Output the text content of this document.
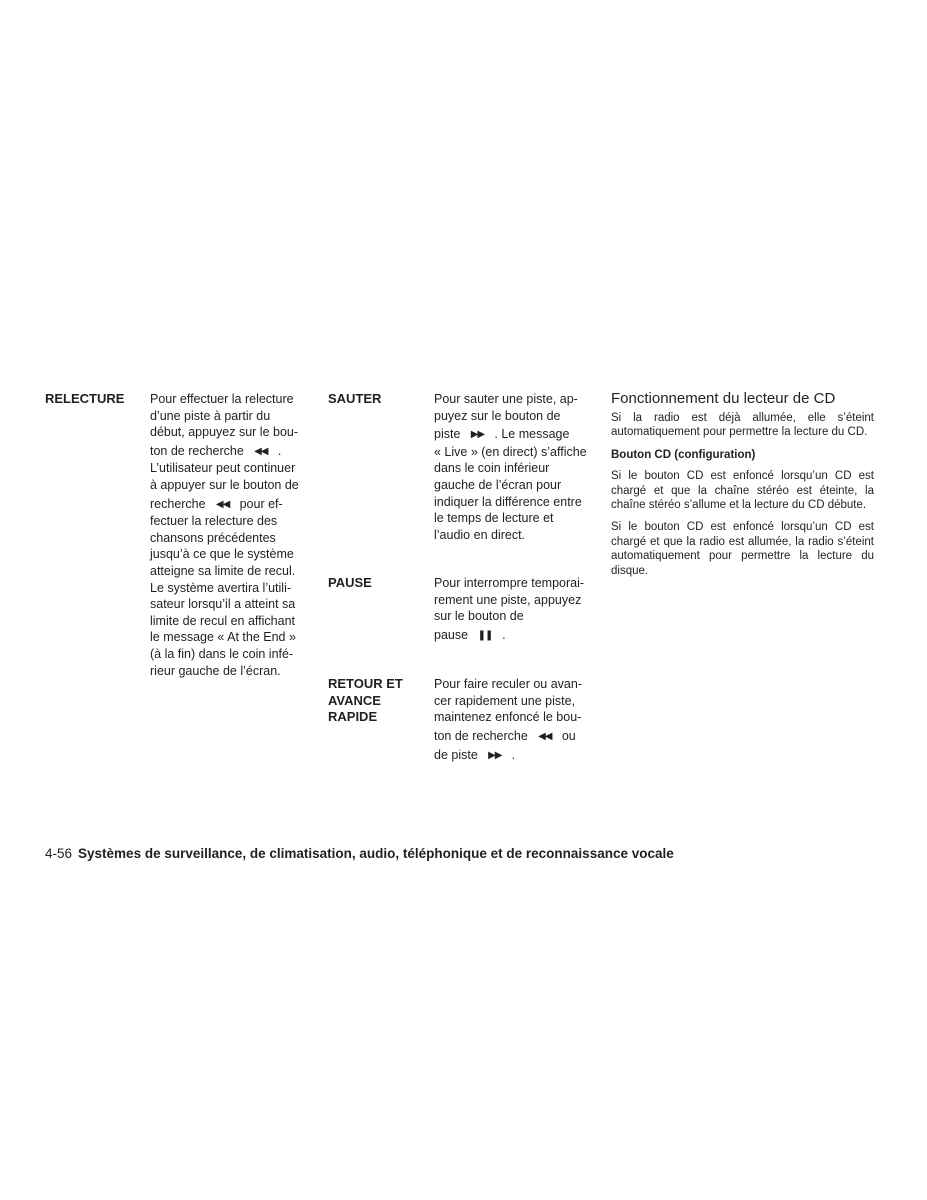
RELECTURE Pour effectuer la relecture
d’une piste à partir du
début, appuyez sur le bou-
ton de recherche ◀◀ .
L’utilisateur peut continuer
à appuyer sur le bouton de
recherche ◀◀ pour ef-
fectuer la relecture des
chansons précédentes
jusqu’à ce que le système
atteigne sa limite de recul.
Le système avertira l’utili-
sateur lorsqu’il a atteint sa
limite de recul en affichant
le message « At the End »
(à la fin) dans le coin infé-
rieur gauche de l’écran.
SAUTER	Pour sauter une piste, ap-
puyez sur le bouton de
piste ▶▶ . Le message
« Live » (en direct) s’affiche
dans le coin inférieur
gauche de l’écran pour
indiquer la différence entre
le temps de lecture et
l’audio en direct.
PAUSE	Pour interrompre temporai-
rement une piste, appuyez
sur le bouton de
pause ❚❚ .
RETOUR ET
AVANCE
RAPIDE
Pour faire reculer ou avan-
cer rapidement une piste,
maintenez enfoncé le bou-
ton de recherche ◀◀ ou
de piste ▶▶ .
Fonctionnement du lecteur de CD

Si la radio est déjà allumée, elle s’éteint automatiquement pour permettre la lecture du CD.

Bouton CD (configuration)

Si le bouton CD est enfoncé lorsqu’un CD est chargé et que la chaîne stéréo est éteinte, la chaîne stéréo s’allume et la lecture du CD débute.

Si le bouton CD est enfoncé lorsqu’un CD est chargé et que la radio est allumée, la radio s’éteint automatiquement pour permettre la lecture du disque.

4-56 Systèmes de surveillance, de climatisation, audio, téléphonique et de reconnaissance vocale
